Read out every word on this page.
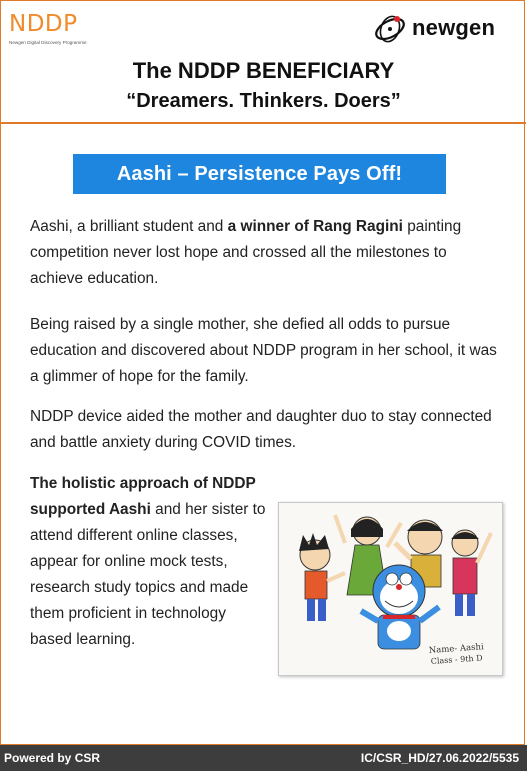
NDDP
Newgen Digital Discovery Programme
newgen
The NDDP BENEFICIARY
“Dreamers. Thinkers. Doers”
Aashi – Persistence Pays Off!
Aashi, a brilliant student and a winner of Rang Ragini painting competition never lost hope and crossed all the milestones to achieve education.
Being raised by a single mother, she defied all odds to pursue education and discovered about NDDP program in her school, it was a glimmer of hope for the family.
NDDP device aided the mother and daughter duo to stay connected and battle anxiety during COVID times.
The holistic approach of NDDP supported Aashi and her sister to attend different online classes, appear for online mock tests, research study topics and made them proficient in technology based learning.
Name- Aashi
Class - 9th D
Powered by CSR	IC/CSR_HD/27.06.2022/5535
